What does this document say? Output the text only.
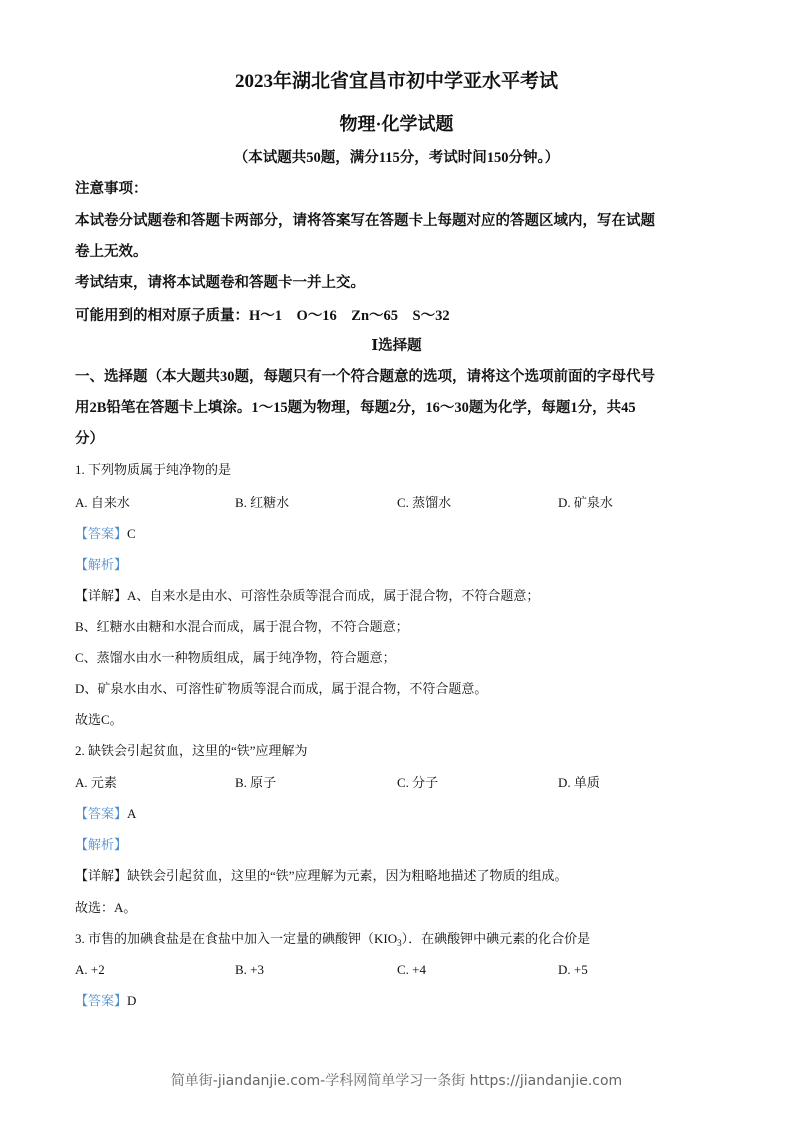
2023年湖北省宜昌市初中学亚水平考试
物理·化学试题
（本试题共50题，满分115分，考试时间150分钟。）
注意事项：
本试卷分试题卷和答题卡两部分，请将答案写在答题卡上每题对应的答题区域内，写在试题
卷上无效。
考试结束，请将本试题卷和答题卡一并上交。
可能用到的相对原子质量：H～1　O～16　Zn～65　S～32
Ⅰ选择题
一、选择题（本大题共30题，每题只有一个符合题意的选项，请将这个选项前面的字母代号
用2B铅笔在答题卡上填涂。1～15题为物理，每题2分，16～30题为化学，每题1分，共45
分）
1. 下列物质属于纯净物的是
A. 自来水	B. 红糖水	C. 蒸馏水	D. 矿泉水
【答案】C
【解析】
【详解】A、自来水是由水、可溶性杂质等混合而成，属于混合物，不符合题意；
B、红糖水由糖和水混合而成，属于混合物，不符合题意；
C、蒸馏水由水一种物质组成，属于纯净物，符合题意；
D、矿泉水由水、可溶性矿物质等混合而成，属于混合物，不符合题意。
故选C。
2. 缺铁会引起贫血，这里的“铁”应理解为
A. 元素	B. 原子	C. 分子	D. 单质
【答案】A
【解析】
【详解】缺铁会引起贫血，这里的“铁”应理解为元素，因为粗略地描述了物质的组成。
故选：A。
3. 市售的加碘食盐是在食盐中加入一定量的碘酸钾$(KIO_3)$．在碘酸钾中碘元素的化合价是
A. +2	B. +3	C. +4	D. +5
【答案】D
简单街-jiandanjie.com-学科网简单学习一条街 https://jiandanjie.com
